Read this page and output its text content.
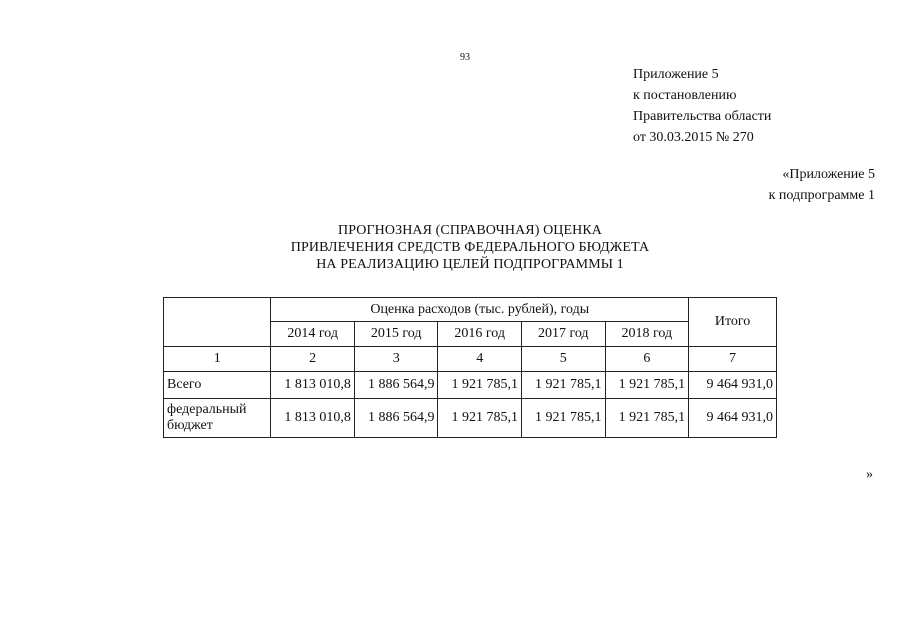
93
Приложение 5
к постановлению
Правительства области
от 30.03.2015 № 270
«Приложение 5
к подпрограмме 1
ПРОГНОЗНАЯ (СПРАВОЧНАЯ) ОЦЕНКА
ПРИВЛЕЧЕНИЯ СРЕДСТВ ФЕДЕРАЛЬНОГО БЮДЖЕТА
НА РЕАЛИЗАЦИЮ ЦЕЛЕЙ ПОДПРОГРАММЫ 1
	Оценка расходов (тыс. рублей), годы					Итого
	2014 год	2015 год	2016 год	2017 год	2018 год	
1	2	3	4	5	6	7
Всего	1 813 010,8	1 886 564,9	1 921 785,1	1 921 785,1	1 921 785,1	9 464 931,0
федеральный бюджет	1 813 010,8	1 886 564,9	1 921 785,1	1 921 785,1	1 921 785,1	9 464 931,0
»
